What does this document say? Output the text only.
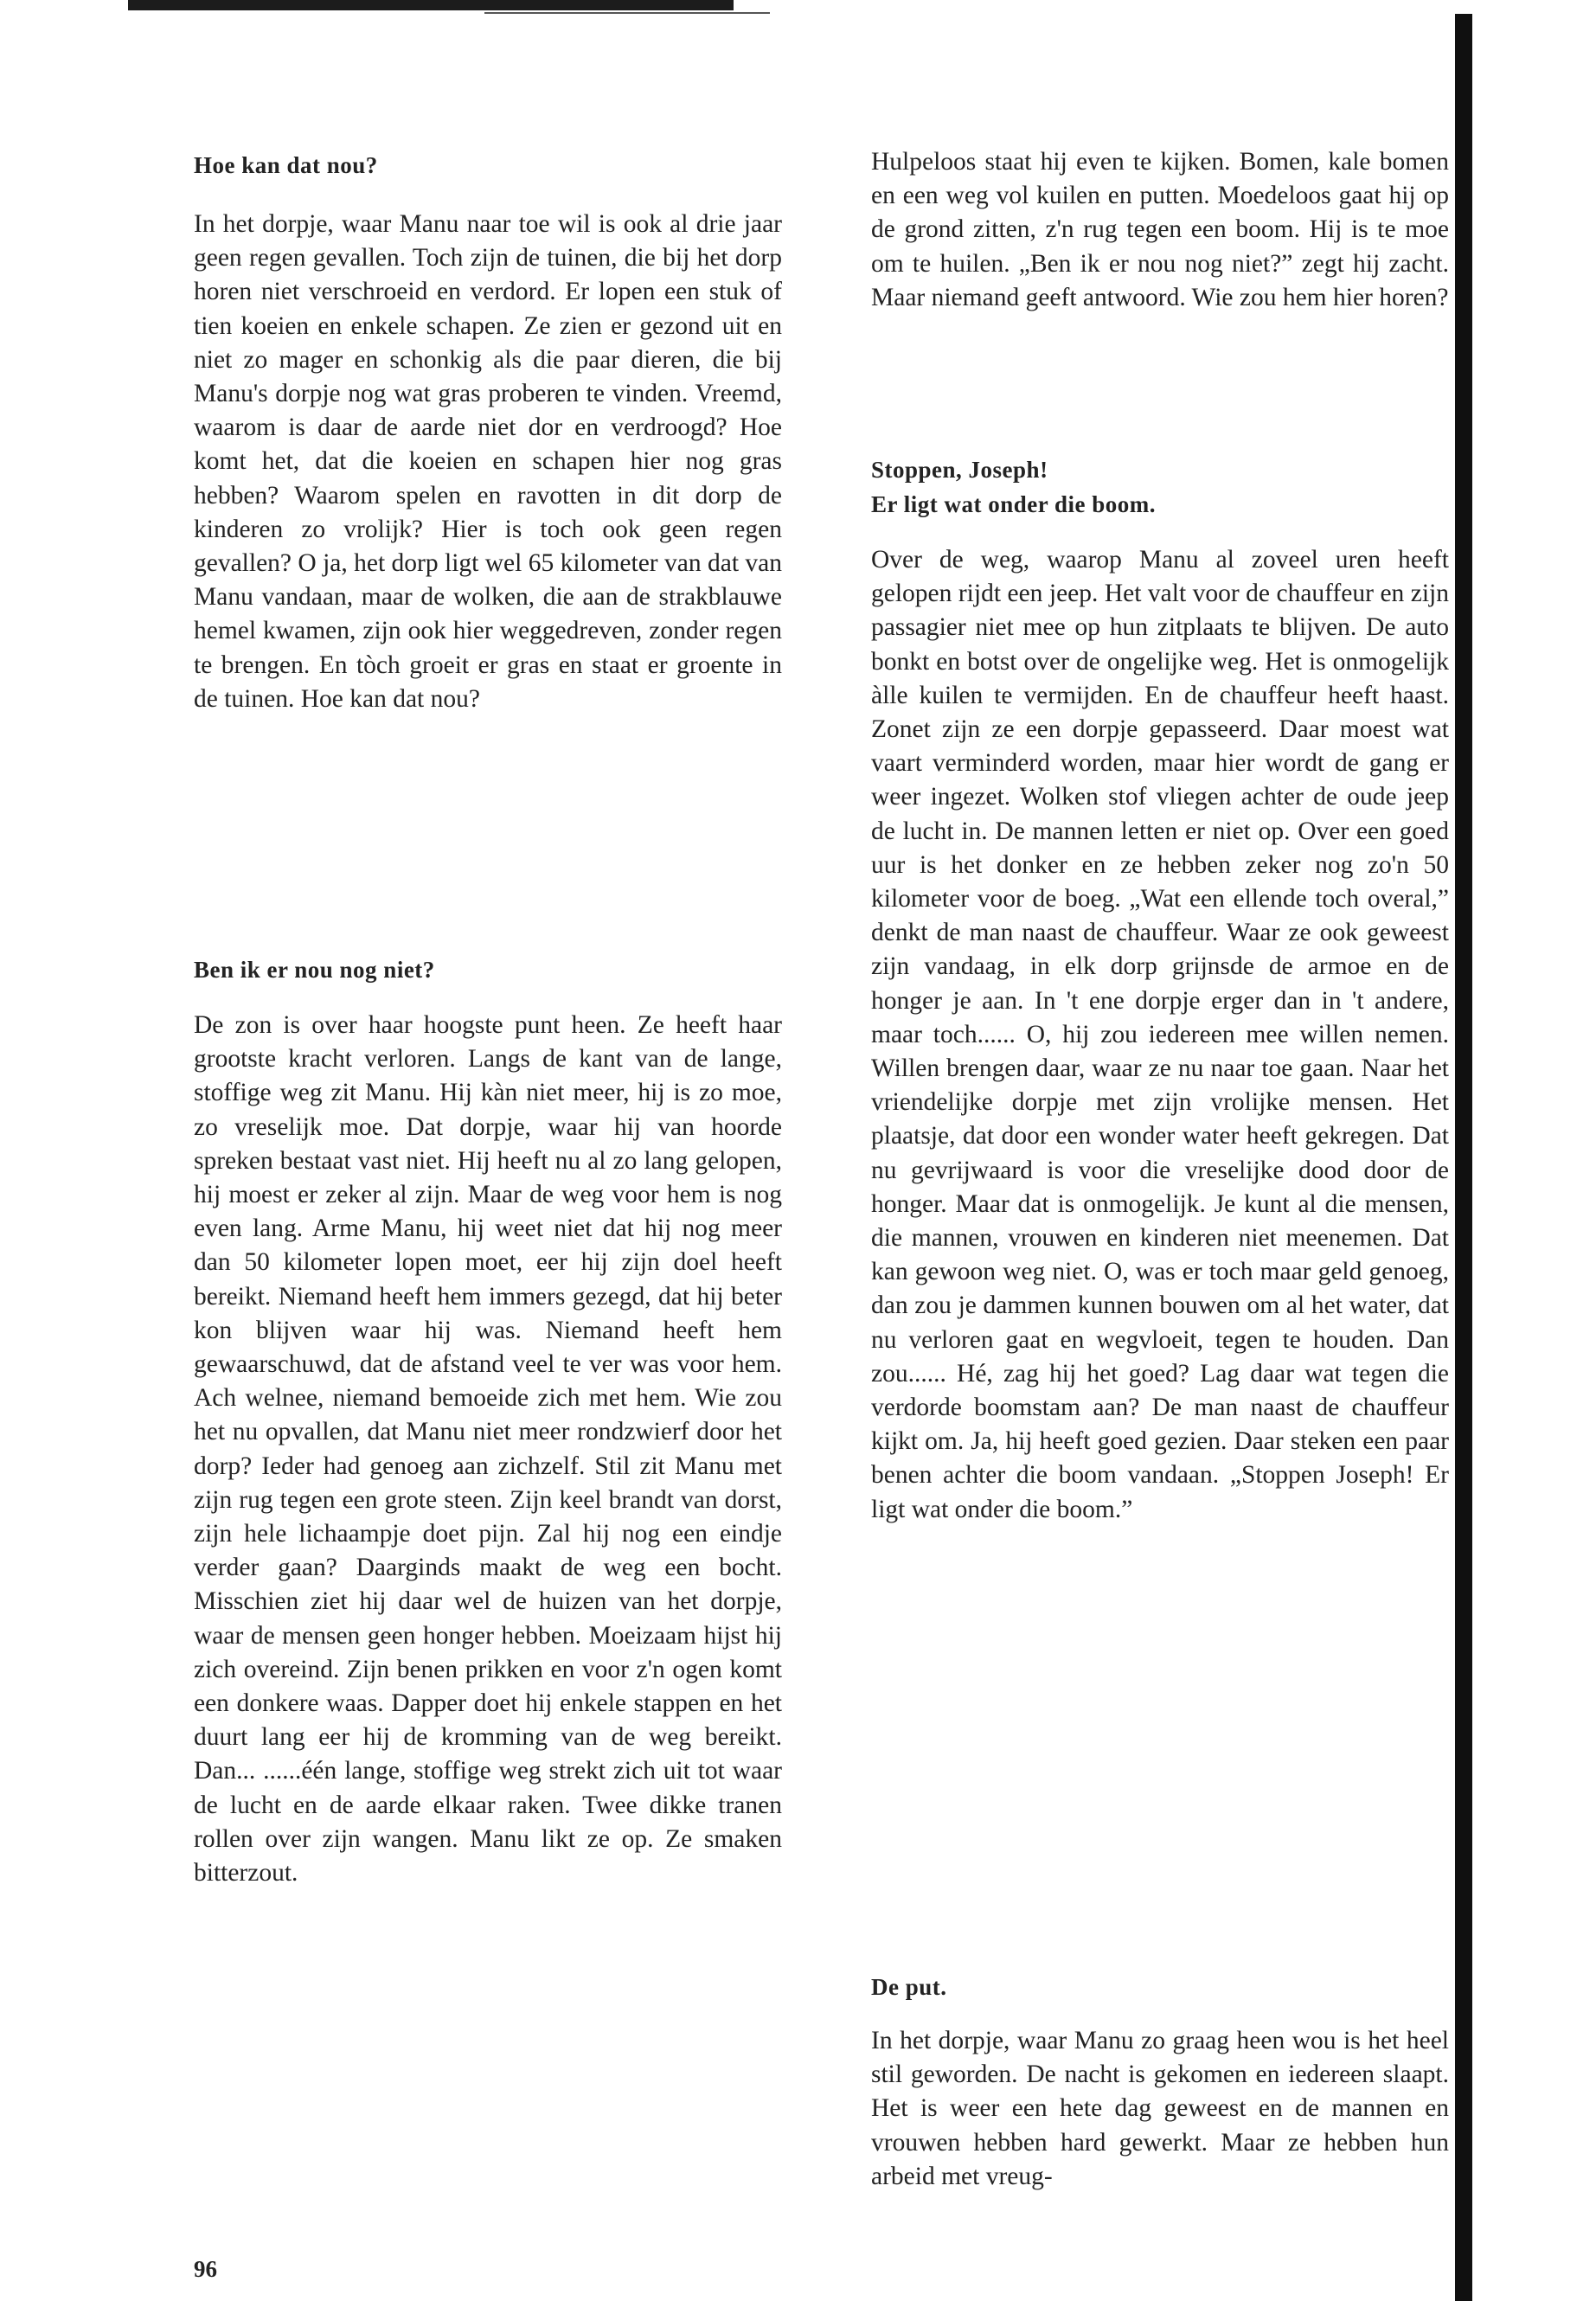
Hoe kan dat nou?

In het dorpje, waar Manu naar toe wil is ook al drie jaar geen regen gevallen. Toch zijn de tuinen, die bij het dorp horen niet verschroeid en verdord. Er lopen een stuk of tien koeien en enkele schapen. Ze zien er gezond uit en niet zo mager en schonkig als die paar dieren, die bij Manu's dorpje nog wat gras proberen te vinden. Vreemd, waarom is daar de aarde niet dor en verdroogd? Hoe komt het, dat die koeien en schapen hier nog gras hebben? Waarom spelen en ravotten in dit dorp de kinderen zo vrolijk? Hier is toch ook geen regen gevallen? O ja, het dorp ligt wel 65 kilometer van dat van Manu vandaan, maar de wolken, die aan de strakblauwe hemel kwamen, zijn ook hier weggedreven, zonder regen te brengen. En tòch groeit er gras en staat er groente in de tuinen. Hoe kan dat nou?

Ben ik er nou nog niet?

De zon is over haar hoogste punt heen. Ze heeft haar grootste kracht verloren. Langs de kant van de lange, stoffige weg zit Manu. Hij kàn niet meer, hij is zo moe, zo vreselijk moe. Dat dorpje, waar hij van hoorde spreken bestaat vast niet. Hij heeft nu al zo lang gelopen, hij moest er zeker al zijn. Maar de weg voor hem is nog even lang. Arme Manu, hij weet niet dat hij nog meer dan 50 kilometer lopen moet, eer hij zijn doel heeft bereikt. Niemand heeft hem immers gezegd, dat hij beter kon blijven waar hij was. Niemand heeft hem gewaarschuwd, dat de afstand veel te ver was voor hem. Ach welnee, niemand bemoeide zich met hem. Wie zou het nu opvallen, dat Manu niet meer rondzwierf door het dorp? Ieder had genoeg aan zichzelf. Stil zit Manu met zijn rug tegen een grote steen. Zijn keel brandt van dorst, zijn hele lichaampje doet pijn. Zal hij nog een eindje verder gaan? Daarginds maakt de weg een bocht. Misschien ziet hij daar wel de huizen van het dorpje, waar de mensen geen honger hebben. Moeizaam hijst hij zich overeind. Zijn benen prikken en voor z'n ogen komt een donkere waas. Dapper doet hij enkele stappen en het duurt lang eer hij de kromming van de weg bereikt. Dan... ......één lange, stoffige weg strekt zich uit tot waar de lucht en de aarde elkaar raken. Twee dikke tranen rollen over zijn wangen. Manu likt ze op. Ze smaken bitterzout.

Hulpeloos staat hij even te kijken. Bomen, kale bomen en een weg vol kuilen en putten. Moedeloos gaat hij op de grond zitten, z'n rug tegen een boom. Hij is te moe om te huilen. „Ben ik er nou nog niet?” zegt hij zacht. Maar niemand geeft antwoord. Wie zou hem hier horen?

Stoppen, Joseph!
Er ligt wat onder die boom.

Over de weg, waarop Manu al zoveel uren heeft gelopen rijdt een jeep. Het valt voor de chauffeur en zijn passagier niet mee op hun zitplaats te blijven. De auto bonkt en botst over de ongelijke weg. Het is onmogelijk àlle kuilen te vermijden. En de chauffeur heeft haast. Zonet zijn ze een dorpje gepasseerd. Daar moest wat vaart verminderd worden, maar hier wordt de gang er weer ingezet. Wolken stof vliegen achter de oude jeep de lucht in. De mannen letten er niet op. Over een goed uur is het donker en ze hebben zeker nog zo'n 50 kilometer voor de boeg. „Wat een ellende toch overal,” denkt de man naast de chauffeur. Waar ze ook geweest zijn vandaag, in elk dorp grijnsde de armoe en de honger je aan. In 't ene dorpje erger dan in 't andere, maar toch...... O, hij zou iedereen mee willen nemen. Willen brengen daar, waar ze nu naar toe gaan. Naar het vriendelijke dorpje met zijn vrolijke mensen. Het plaatsje, dat door een wonder water heeft gekregen. Dat nu gevrijwaard is voor die vreselijke dood door de honger. Maar dat is onmogelijk. Je kunt al die mensen, die mannen, vrouwen en kinderen niet meenemen. Dat kan gewoon weg niet. O, was er toch maar geld genoeg, dan zou je dammen kunnen bouwen om al het water, dat nu verloren gaat en wegvloeit, tegen te houden. Dan zou...... Hé, zag hij het goed? Lag daar wat tegen die verdorde boomstam aan? De man naast de chauffeur kijkt om. Ja, hij heeft goed gezien. Daar steken een paar benen achter die boom vandaan. „Stoppen Joseph! Er ligt wat onder die boom.”

De put.

In het dorpje, waar Manu zo graag heen wou is het heel stil geworden. De nacht is gekomen en iedereen slaapt. Het is weer een hete dag geweest en de mannen en vrouwen hebben hard gewerkt. Maar ze hebben hun arbeid met vreug-

96
